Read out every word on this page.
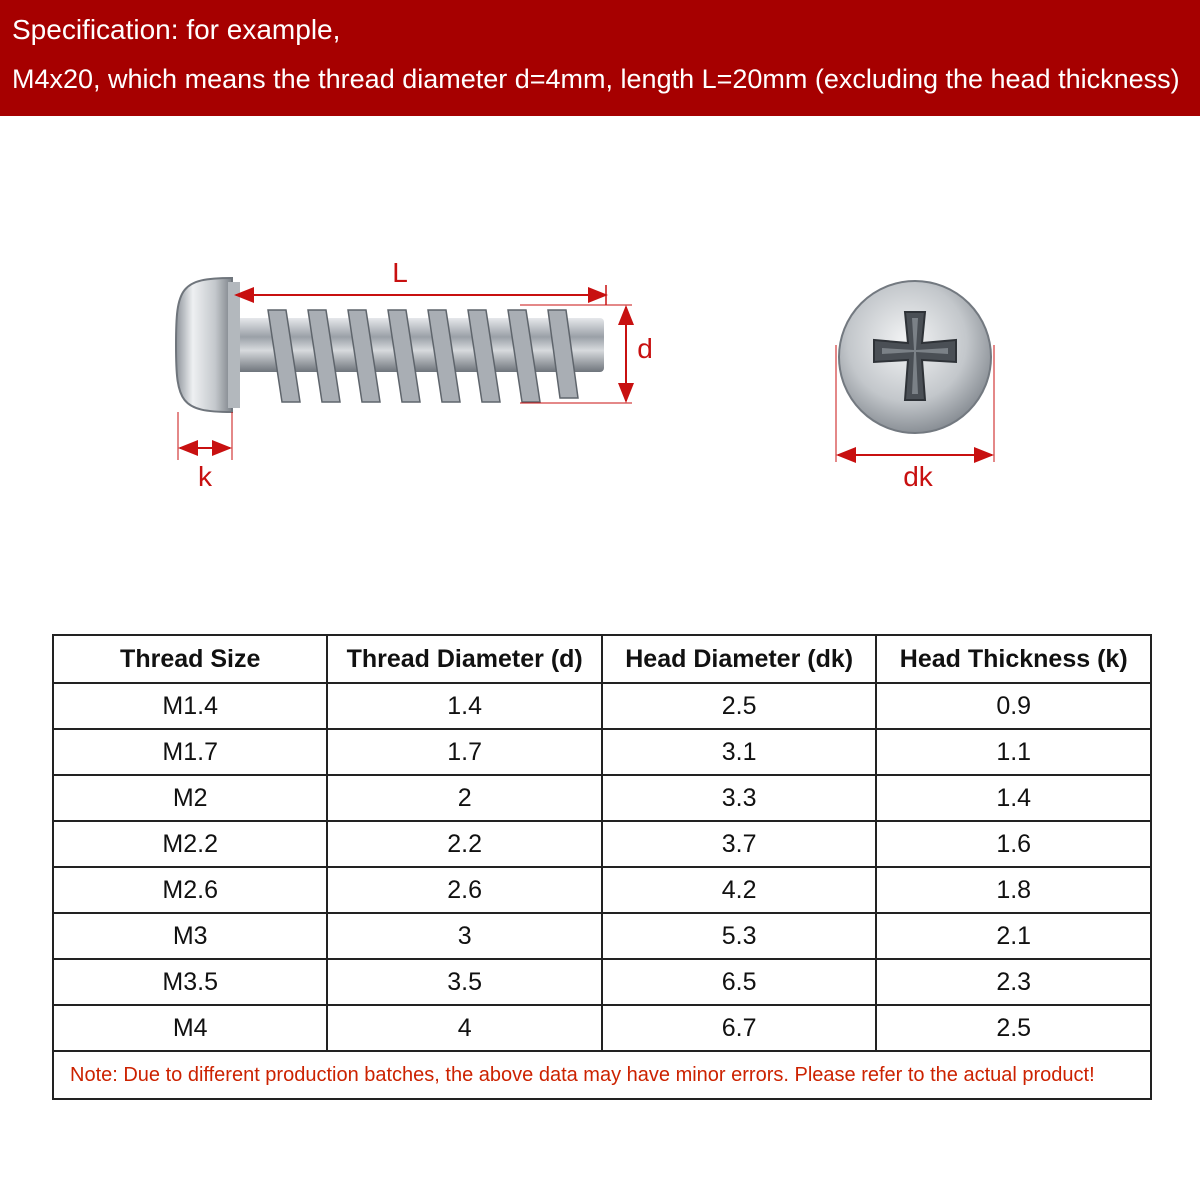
Specification: for example,
M4x20, which means the thread diameter d=4mm, length L=20mm (excluding the head thickness)
L
d
k	dk
Thread Size	Thread Diameter (d)	Head Diameter (dk)	Head Thickness (k)
M1.4	1.4	2.5	0.9
M1.7	1.7	3.1	1.1
M2	2	3.3	1.4
M2.2	2.2	3.7	1.6
M2.6	2.6	4.2	1.8
M3	3	5.3	2.1
M3.5	3.5	6.5	2.3
M4	4	6.7	2.5
Note: Due to different production batches, the above data may have minor errors. Please refer to the actual product!			
